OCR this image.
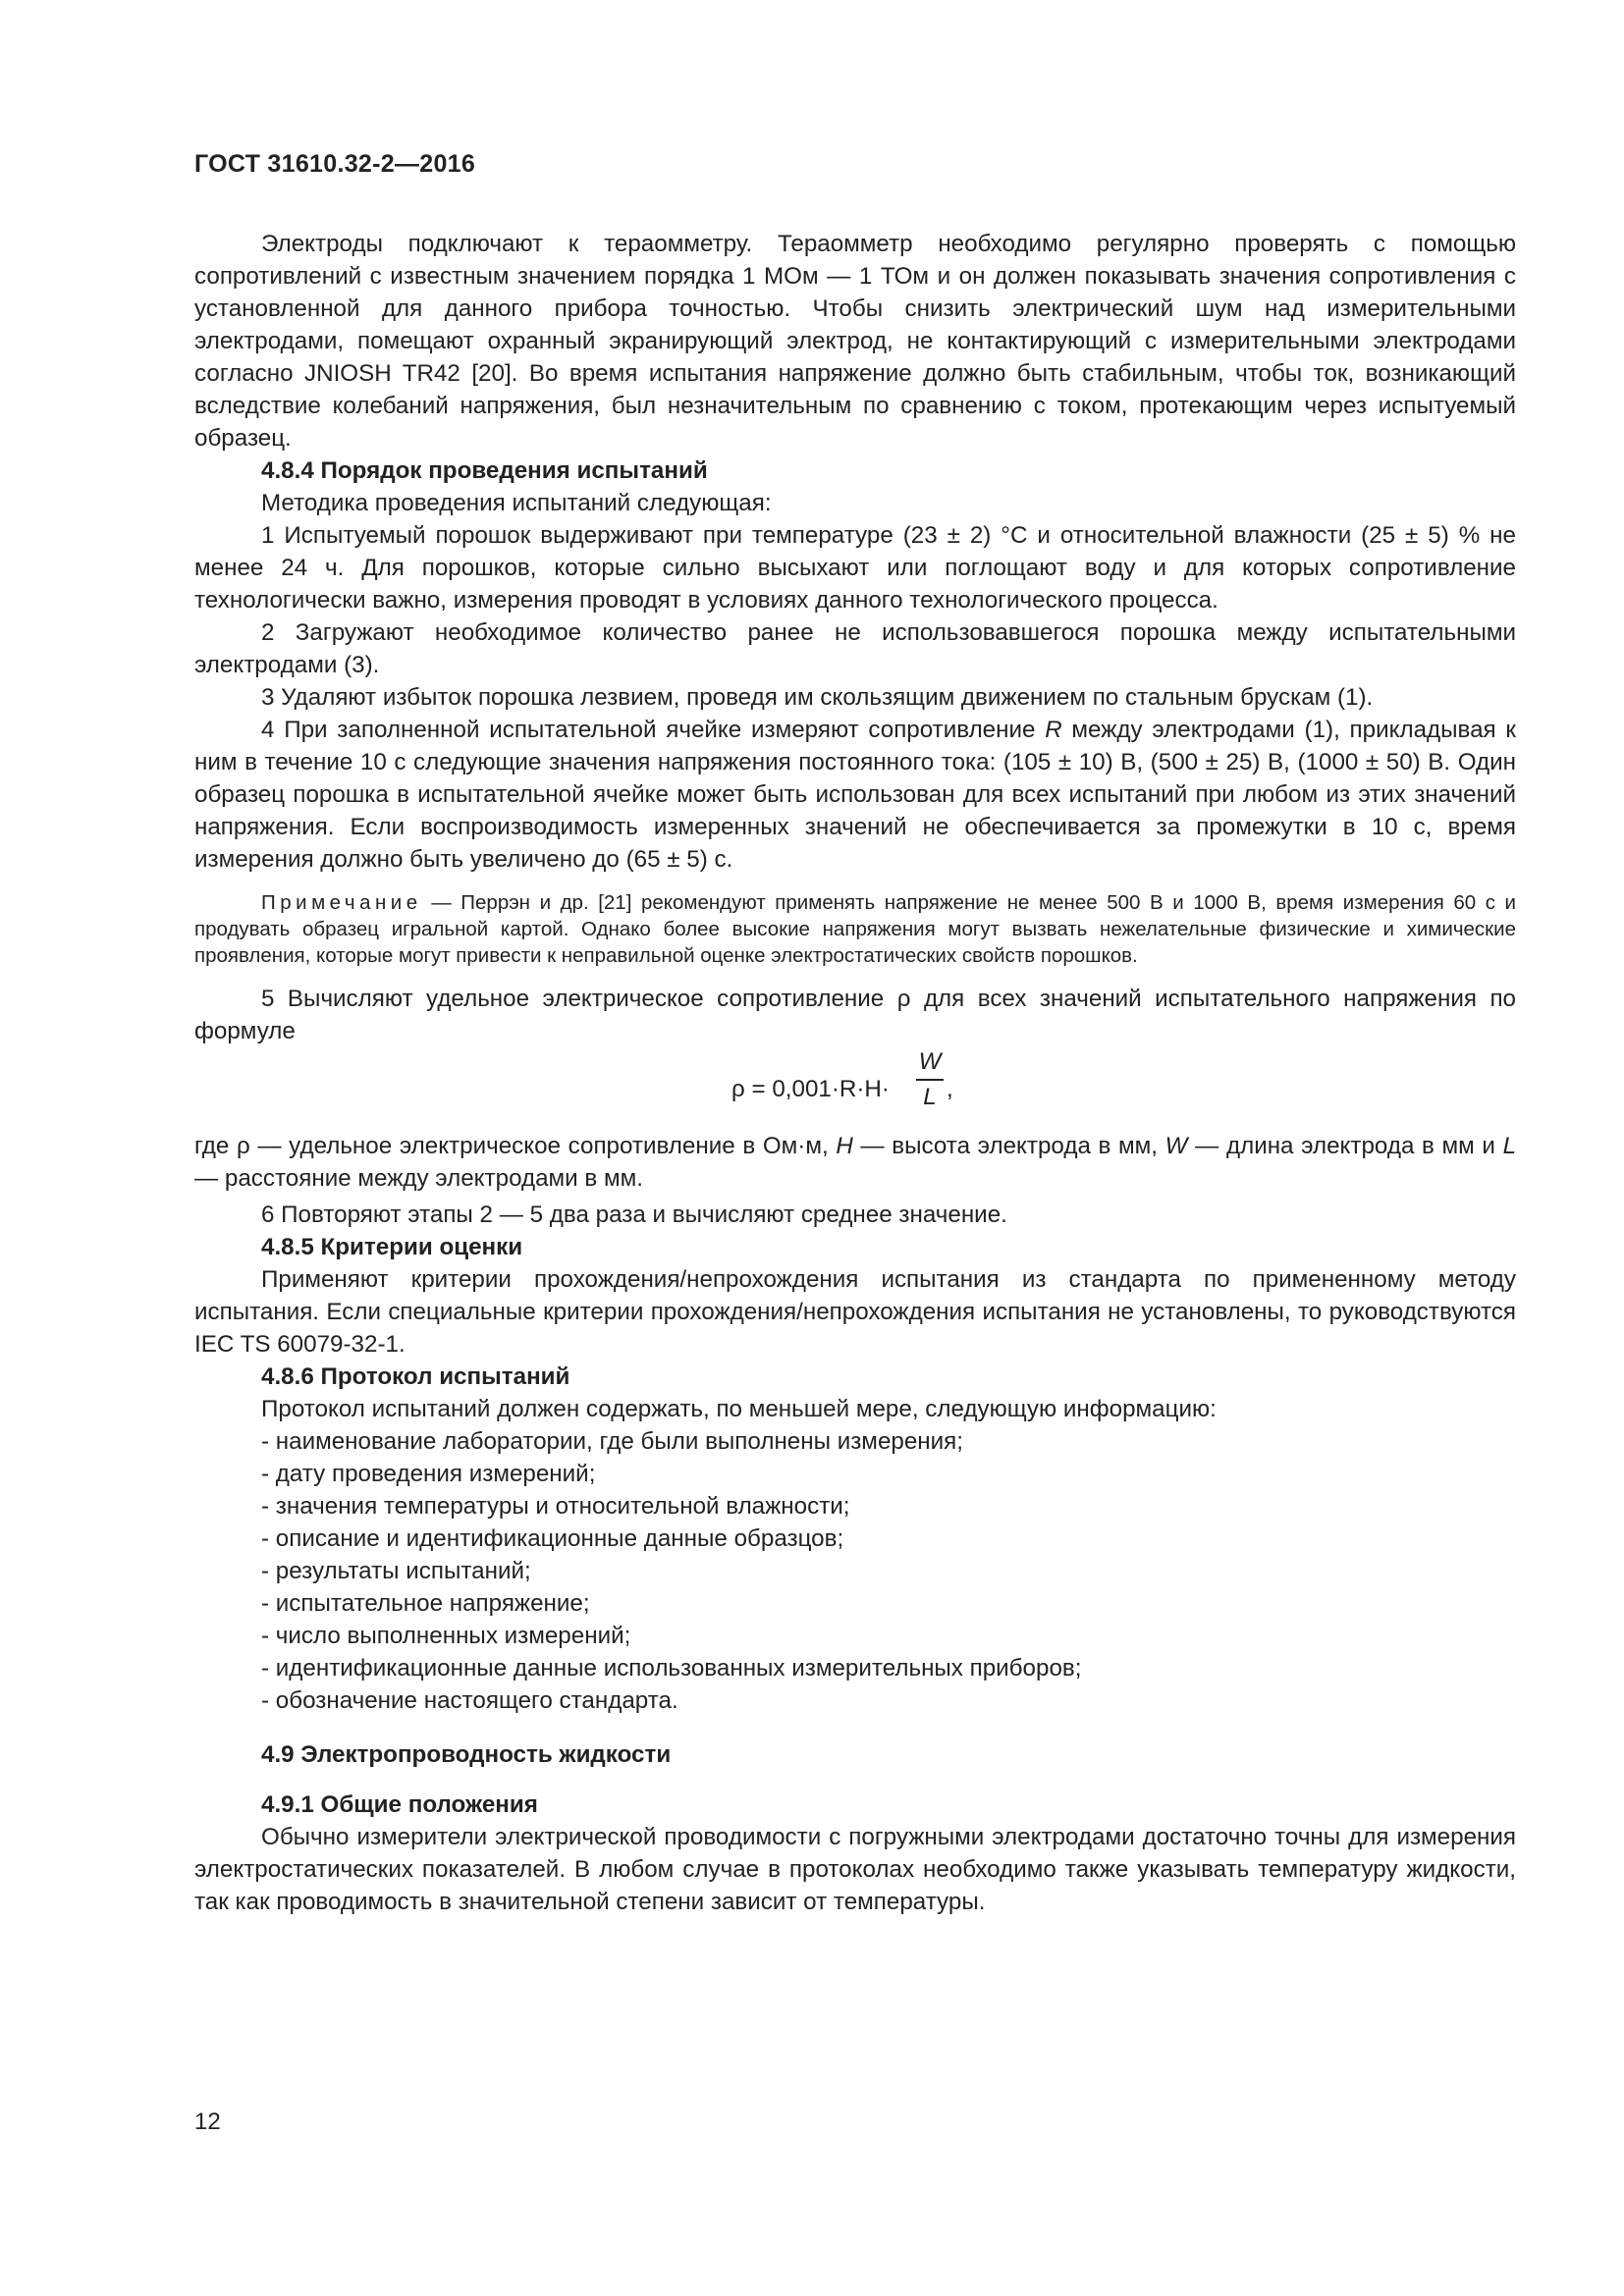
ГОСТ 31610.32-2—2016

Электроды подключают к тераомметру. Тераомметр необходимо регулярно проверять с помощью сопротивлений с известным значением порядка 1 МОм — 1 ТОм и он должен показывать значения сопротивления с установленной для данного прибора точностью. Чтобы снизить электрический шум над измерительными электродами, помещают охранный экранирующий электрод, не контактирующий с измерительными электродами согласно JNIOSH TR42 [20]. Во время испытания напряжение должно быть стабильным, чтобы ток, возникающий вследствие колебаний напряжения, был незначительным по сравнению с током, протекающим через испытуемый образец.

4.8.4 Порядок проведения испытаний

Методика проведения испытаний следующая:

1 Испытуемый порошок выдерживают при температуре (23 ± 2) °С и относительной влажности (25 ± 5) % не менее 24 ч. Для порошков, которые сильно высыхают или поглощают воду и для которых сопротивление технологически важно, измерения проводят в условиях данного технологического процесса.

2 Загружают необходимое количество ранее не использовавшегося порошка между испытательными электродами (3).

3 Удаляют избыток порошка лезвием, проведя им скользящим движением по стальным брускам (1).

4 При заполненной испытательной ячейке измеряют сопротивление R между электродами (1), прикладывая к ним в течение 10 с следующие значения напряжения постоянного тока: (105 ± 10) В, (500 ± 25) В, (1000 ± 50) В. Один образец порошка в испытательной ячейке может быть использован для всех испытаний при любом из этих значений напряжения. Если воспроизводимость измеренных значений не обеспечивается за промежутки в 10 с, время измерения должно быть увеличено до (65 ± 5) с.

Примечание — Перрэн и др. [21] рекомендуют применять напряжение не менее 500 В и 1000 В, время измерения 60 с и продувать образец игральной картой. Однако более высокие напряжения могут вызвать нежелательные физические и химические проявления, которые могут привести к неправильной оценке электростатических свойств порошков.

5 Вычисляют удельное электрическое сопротивление ρ для всех значений испытательного напряжения по формуле

ρ = 0,001·R·H·
W
L ,

где ρ — удельное электрическое сопротивление в Ом·м, H — высота электрода в мм, W — длина электрода в мм и L — расстояние между электродами в мм.

6 Повторяют этапы 2 — 5 два раза и вычисляют среднее значение.

4.8.5 Критерии оценки

Применяют критерии прохождения/непрохождения испытания из стандарта по примененному методу испытания. Если специальные критерии прохождения/непрохождения испытания не установлены, то руководствуются IEC TS 60079-32-1.

4.8.6 Протокол испытаний

Протокол испытаний должен содержать, по меньшей мере, следующую информацию:

- наименование лаборатории, где были выполнены измерения;

- дату проведения измерений;

- значения температуры и относительной влажности;

- описание и идентификационные данные образцов;

- результаты испытаний;

- испытательное напряжение;

- число выполненных измерений;

- идентификационные данные использованных измерительных приборов;

- обозначение настоящего стандарта.

4.9 Электропроводность жидкости

4.9.1 Общие положения

Обычно измерители электрической проводимости с погружными электродами достаточно точны для измерения электростатических показателей. В любом случае в протоколах необходимо также указывать температуру жидкости, так как проводимость в значительной степени зависит от температуры.

12
